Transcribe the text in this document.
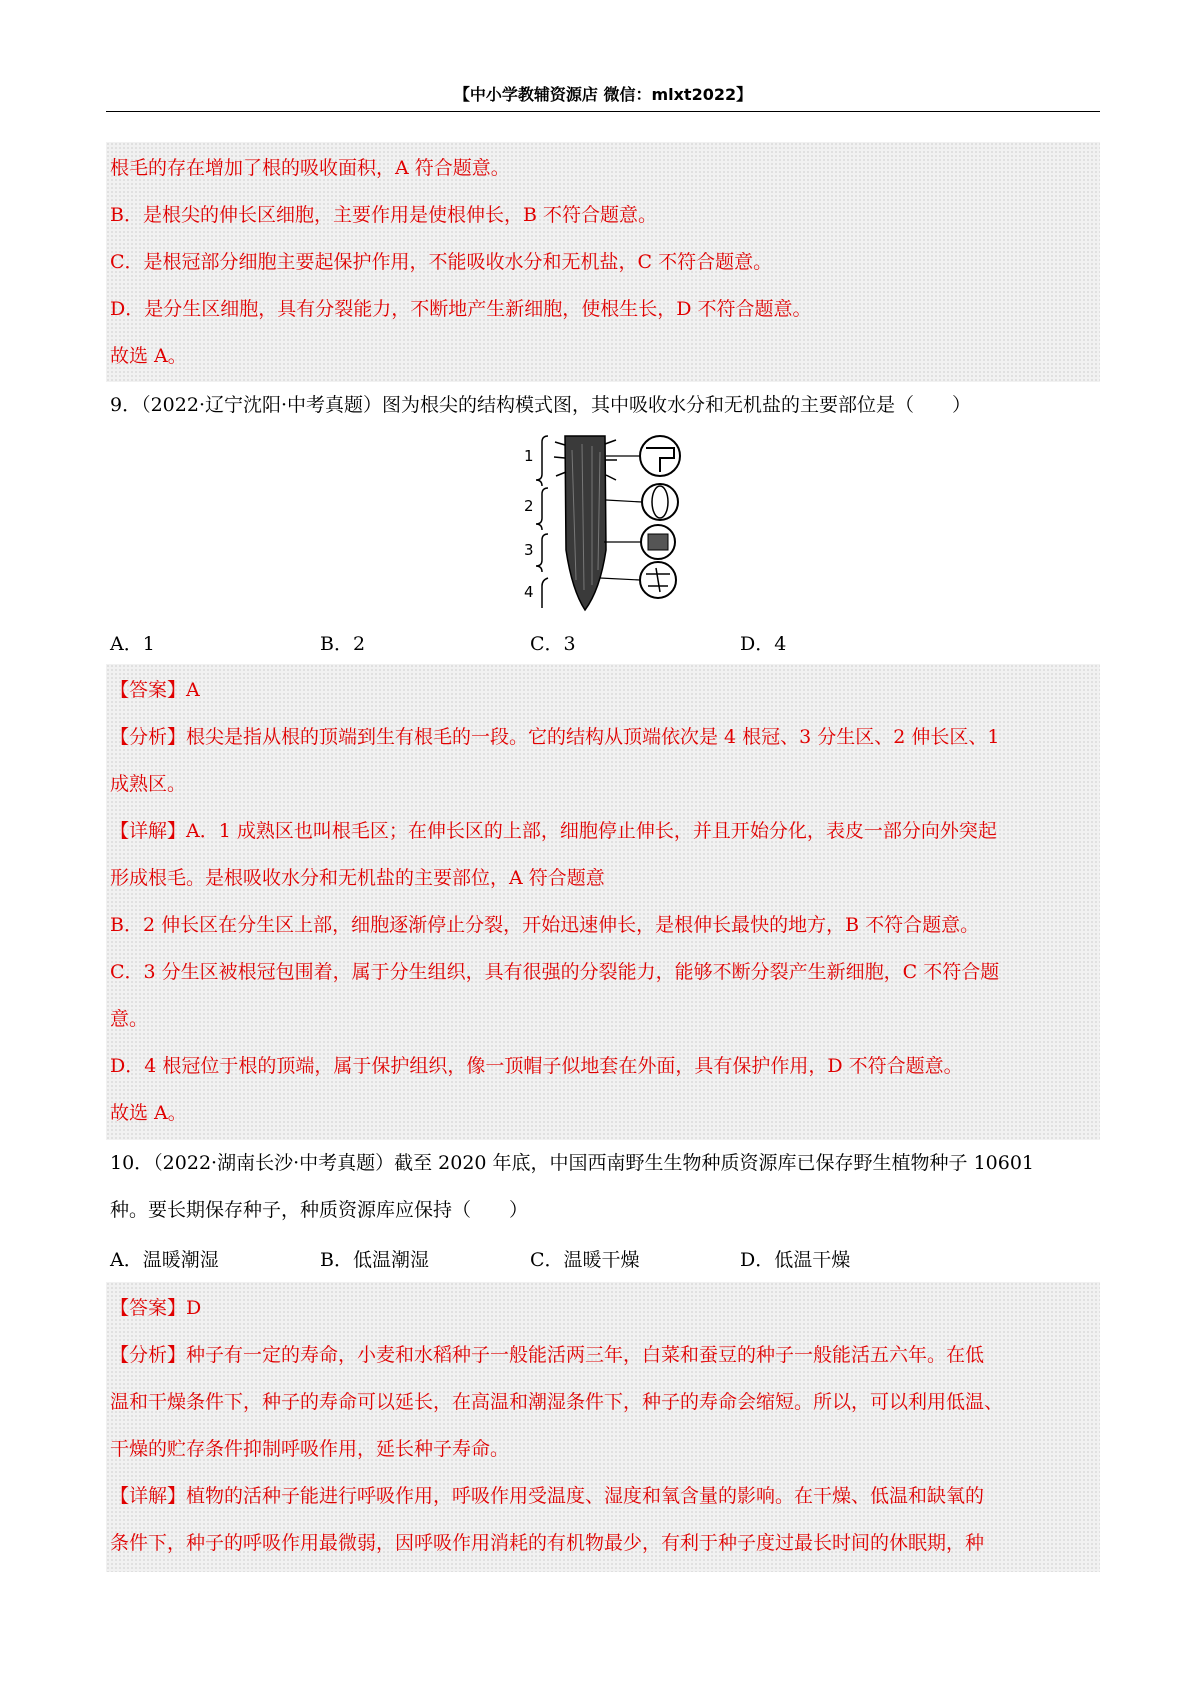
【中小学教辅资源店 微信：mlxt2022】
根毛的存在增加了根的吸收面积，A 符合题意。
B．是根尖的伸长区细胞，主要作用是使根伸长，B 不符合题意。
C．是根冠部分细胞主要起保护作用，不能吸收水分和无机盐，C 不符合题意。
D．是分生区细胞，具有分裂能力，不断地产生新细胞，使根生长，D 不符合题意。
故选 A。
9．（2022·辽宁沈阳·中考真题）图为根尖的结构模式图，其中吸收水分和无机盐的主要部位是（　　）
1
2
3
4
A．1	B．2	C．3	D．4
【答案】A
【分析】根尖是指从根的顶端到生有根毛的一段。它的结构从顶端依次是 4 根冠、3 分生区、2 伸长区、1
成熟区。
【详解】A．1 成熟区也叫根毛区；在伸长区的上部，细胞停止伸长，并且开始分化，表皮一部分向外突起
形成根毛。是根吸收水分和无机盐的主要部位，A 符合题意
B．2 伸长区在分生区上部，细胞逐渐停止分裂，开始迅速伸长，是根伸长最快的地方，B 不符合题意。
C．3 分生区被根冠包围着，属于分生组织，具有很强的分裂能力，能够不断分裂产生新细胞，C 不符合题
意。
D．4 根冠位于根的顶端，属于保护组织，像一顶帽子似地套在外面，具有保护作用，D 不符合题意。
故选 A。
10．（2022·湖南长沙·中考真题）截至 2020 年底，中国西南野生生物种质资源库已保存野生植物种子 10601
种。要长期保存种子，种质资源库应保持（　　）
A．温暖潮湿	B．低温潮湿	C．温暖干燥	D．低温干燥
【答案】D
【分析】种子有一定的寿命，小麦和水稻种子一般能活两三年，白菜和蚕豆的种子一般能活五六年。在低
温和干燥条件下，种子的寿命可以延长，在高温和潮湿条件下，种子的寿命会缩短。所以，可以利用低温、
干燥的贮存条件抑制呼吸作用，延长种子寿命。
【详解】植物的活种子能进行呼吸作用，呼吸作用受温度、湿度和氧含量的影响。在干燥、低温和缺氧的
条件下，种子的呼吸作用最微弱，因呼吸作用消耗的有机物最少，有利于种子度过最长时间的休眠期，种
